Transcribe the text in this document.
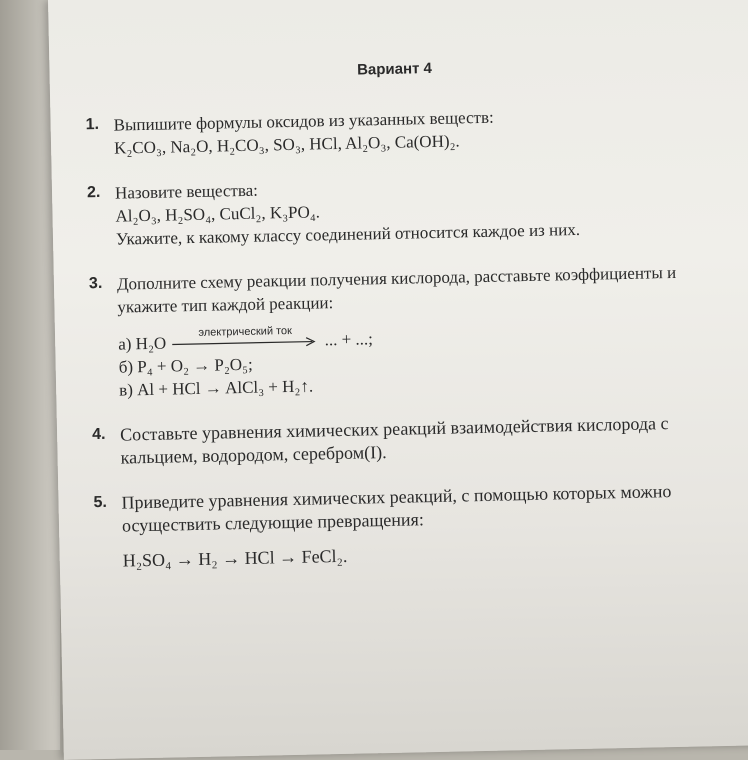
Вариант 4
1. Выпишите формулы оксидов из указанных веществ:

K₂CO₃, Na₂O, H₂CO₃, SO₃, HCl, Al₂O₃, Ca(OH)₂.

2. Назовите вещества:

Al₂O₃, H₂SO₄, CuCl₂, K₃PO₄.

Укажите, к какому классу соединений относится каждое из них.

3. Дополните схему реакции получения кислорода, расставьте коэффициенты и укажите тип каждой реакции:

а) H₂O
электрический ток	... + ...;

б) P₄ + O₂ → P₂O₅;

в) Al + HCl → AlCl₃ + H₂↑.

4. Составьте уравнения химических реакций взаимодействия кислорода с кальцием, водородом, серебром(I).

5. Приведите уравнения химических реакций, с помощью которых можно осуществить следующие превращения:

H₂SO₄ → H₂ → HCl → FeCl₂.
